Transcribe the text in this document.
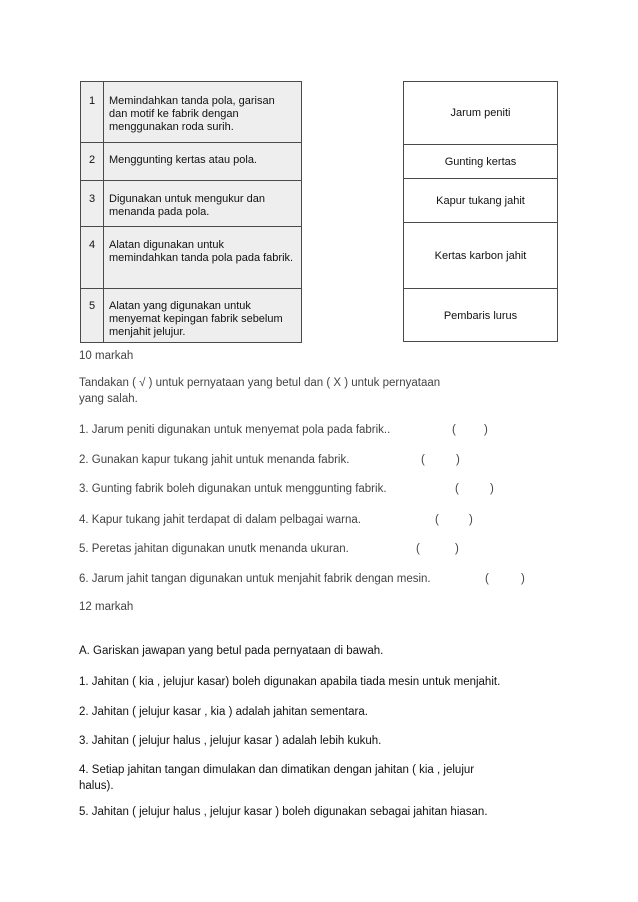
1 Memindahkan tanda pola, garisan dan motif ke fabrik dengan menggunakan roda surih.
2 Menggunting kertas atau pola.
3 Digunakan untuk mengukur dan menanda pada pola.
4 Alatan digunakan untuk memindahkan tanda pola pada fabrik.
5 Alatan yang digunakan untuk menyemat kepingan fabrik sebelum menjahit jelujur.
Jarum peniti
Gunting kertas
Kapur tukang jahit
Kertas karbon jahit
Pembaris lurus
10 markah
Tandakan ( √ ) untuk pernyataan yang betul dan ( X ) untuk pernyataan
yang salah.
1. Jarum peniti digunakan untuk menyemat pola pada fabrik..	( )
2. Gunakan kapur tukang jahit untuk menanda fabrik.	(	)
3. Gunting fabrik boleh digunakan untuk menggunting fabrik.	(	)
4. Kapur tukang jahit terdapat di dalam pelbagai warna.	(	)
5. Peretas jahitan digunakan unutk menanda ukuran.	(	)
6. Jarum jahit tangan digunakan untuk menjahit fabrik dengan mesin.	(	)
12 markah
A. Gariskan jawapan yang betul pada pernyataan di bawah.
1. Jahitan ( kia , jelujur kasar) boleh digunakan apabila tiada mesin untuk menjahit.
2. Jahitan ( jelujur kasar , kia ) adalah jahitan sementara.
3. Jahitan ( jelujur halus , jelujur kasar ) adalah lebih kukuh.
4. Setiap jahitan tangan dimulakan dan dimatikan dengan jahitan ( kia , jelujur
halus).
5. Jahitan ( jelujur halus , jelujur kasar ) boleh digunakan sebagai jahitan hiasan.
